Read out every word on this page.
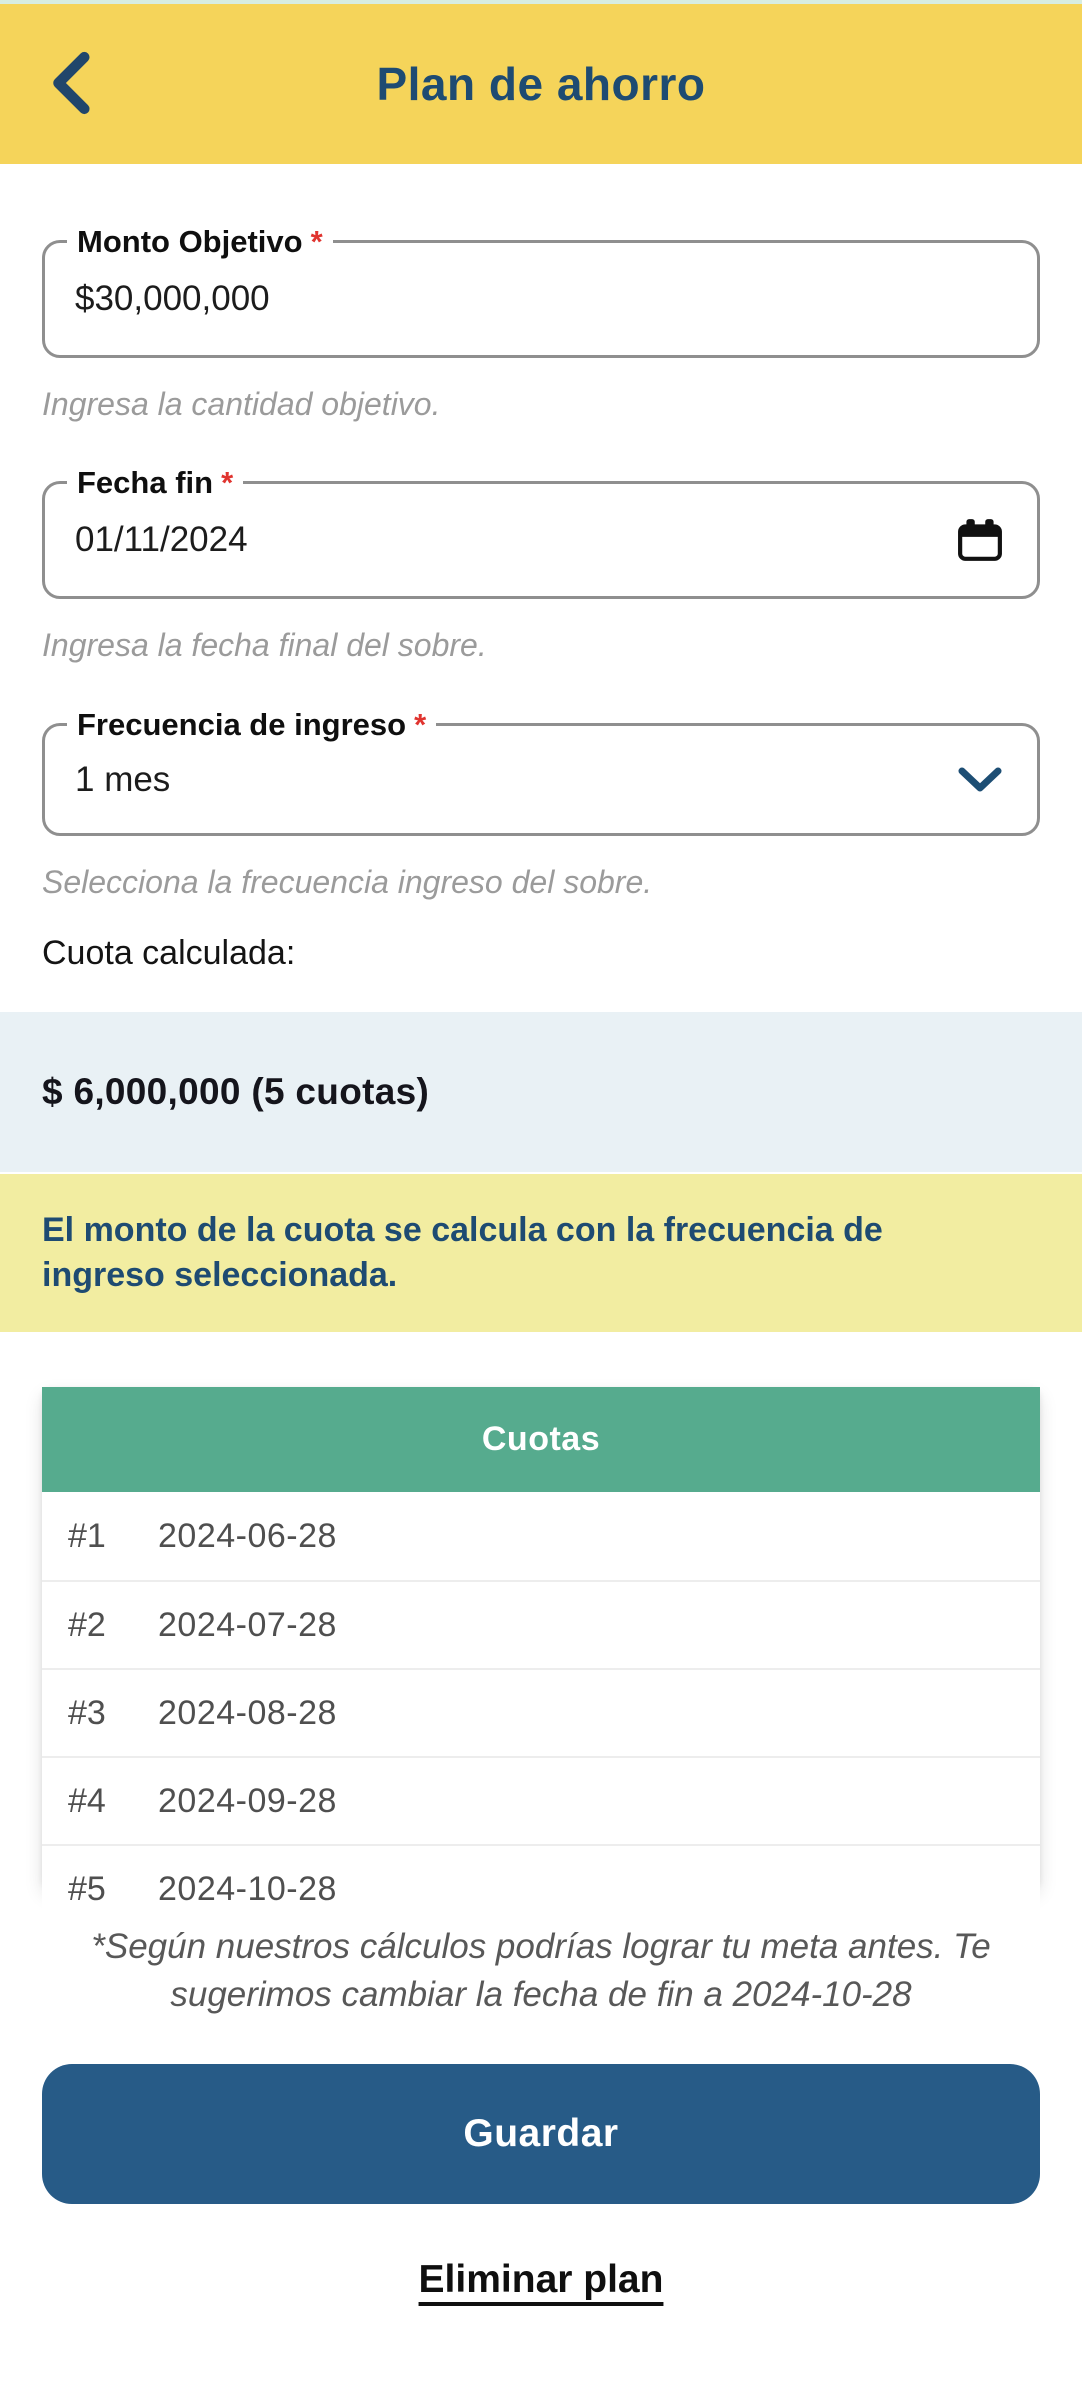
Plan de ahorro
Monto Objetivo *
$30,000,000
Ingresa la cantidad objetivo.
Fecha fin *
01/11/2024
Ingresa la fecha final del sobre.
Frecuencia de ingreso *
1 mes
Selecciona la frecuencia ingreso del sobre.
Cuota calculada:
$ 6,000,000 (5 cuotas)
El monto de la cuota se calcula con la frecuencia de ingreso seleccionada.
Cuotas
#1	2024-06-28
#2	2024-07-28
#3	2024-08-28
#4	2024-09-28
#5	2024-10-28
*Según nuestros cálculos podrías lograr tu meta antes. Te sugerimos cambiar la fecha de fin a 2024-10-28
Guardar
Eliminar plan
